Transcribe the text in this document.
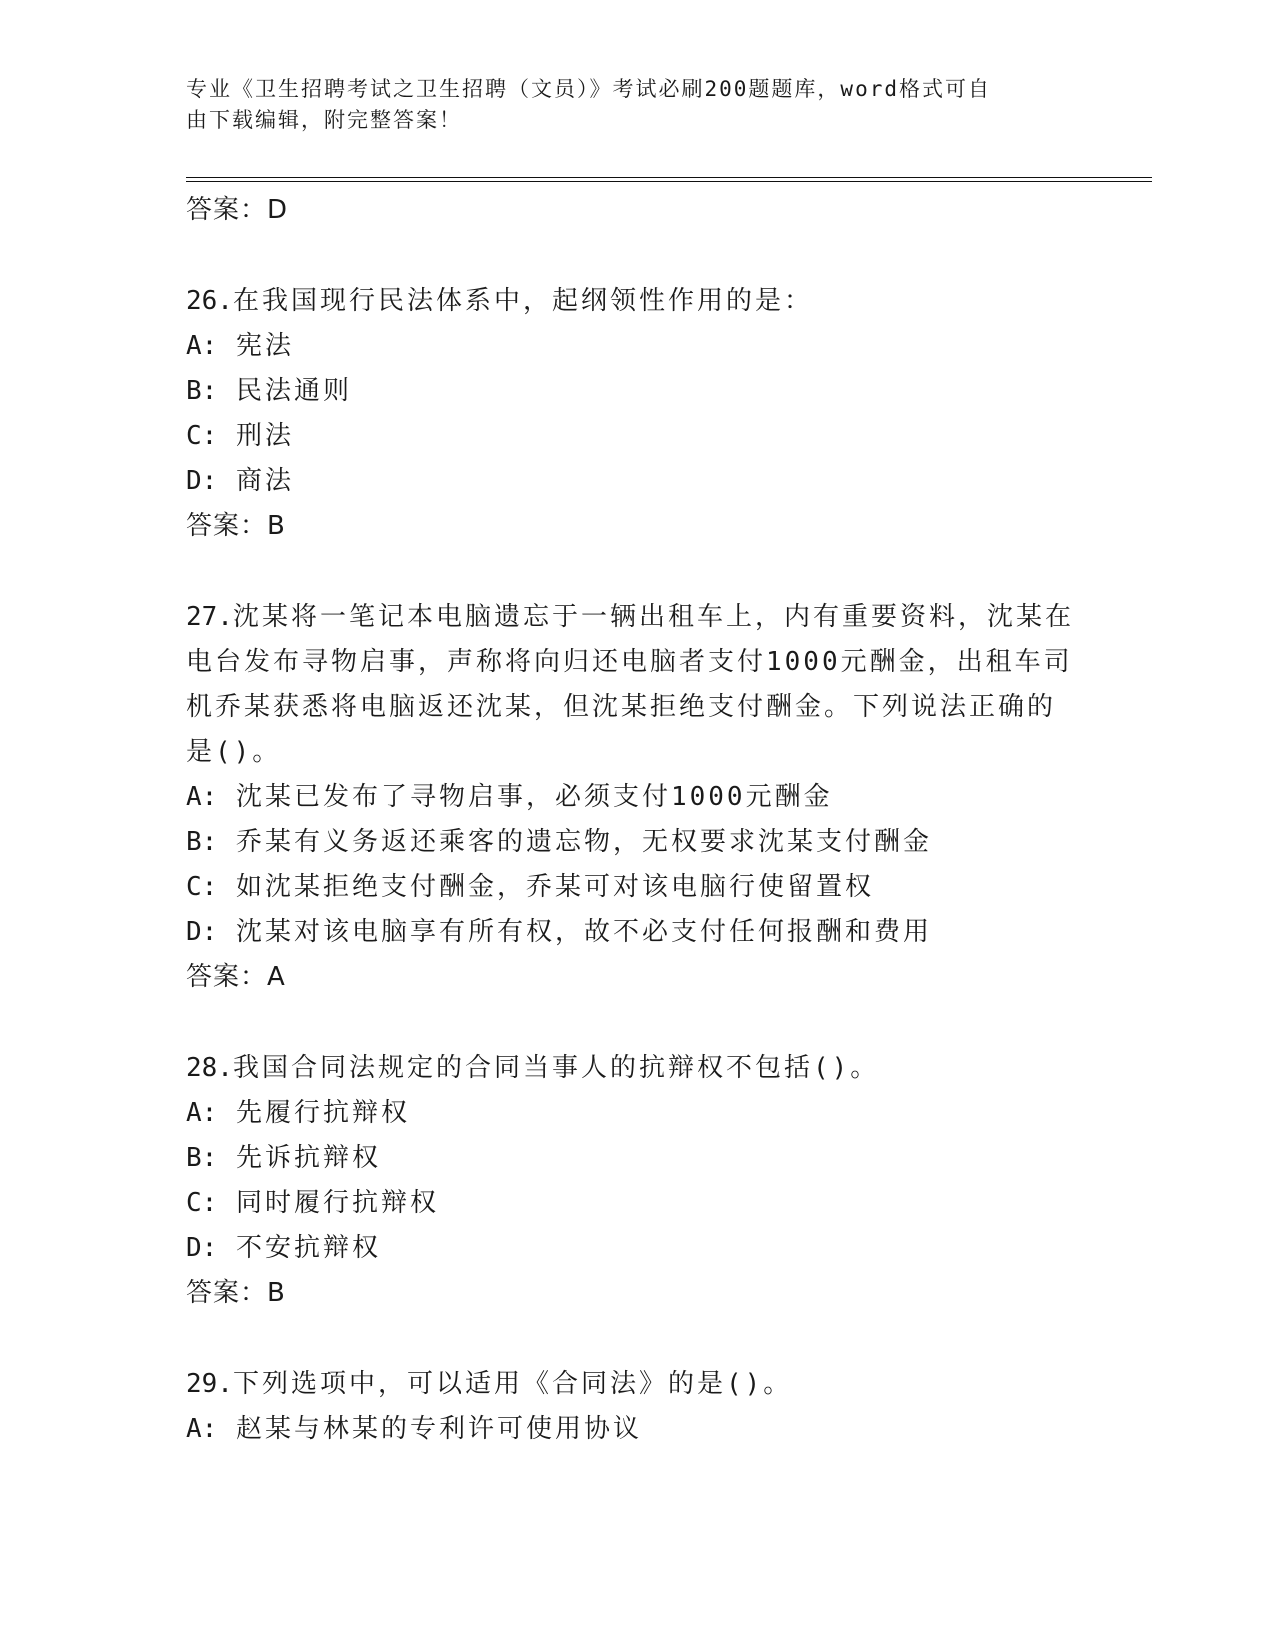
专业《卫生招聘考试之卫生招聘（文员）》考试必刷200题题库，word格式可自
由下载编辑，附完整答案！
答案：D
26.在我国现行民法体系中，起纲领性作用的是：
A: 宪法
B: 民法通则
C: 刑法
D: 商法
答案：B
27.沈某将一笔记本电脑遗忘于一辆出租车上，内有重要资料，沈某在
电台发布寻物启事，声称将向归还电脑者支付1000元酬金，出租车司
机乔某获悉将电脑返还沈某，但沈某拒绝支付酬金。下列说法正确的
是()。
A: 沈某已发布了寻物启事，必须支付1000元酬金
B: 乔某有义务返还乘客的遗忘物，无权要求沈某支付酬金
C: 如沈某拒绝支付酬金，乔某可对该电脑行使留置权
D: 沈某对该电脑享有所有权，故不必支付任何报酬和费用
答案：A
28.我国合同法规定的合同当事人的抗辩权不包括()。
A: 先履行抗辩权
B: 先诉抗辩权
C: 同时履行抗辩权
D: 不安抗辩权
答案：B
29.下列选项中，可以适用《合同法》的是()。
A: 赵某与林某的专利许可使用协议
